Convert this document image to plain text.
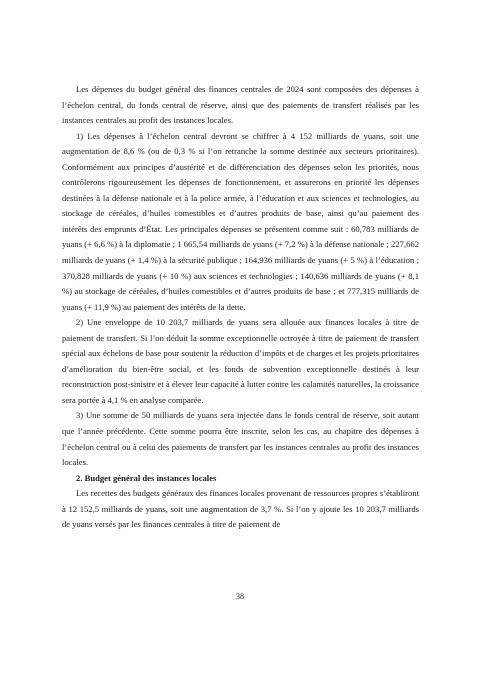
Les dépenses du budget général des finances centrales de 2024 sont composées des dépenses à l’échelon central, du fonds central de réserve, ainsi que des paiements de transfert réalisés par les instances centrales au profit des instances locales.

1) Les dépenses à l’échelon central devront se chiffrer à 4 152 milliards de yuans, soit une augmentation de 8,6 % (ou de 0,3 % si l’on retranche la somme destinée aux secteurs prioritaires). Conformément aux principes d’austérité et de différenciation des dépenses selon les priorités, nous contrôlerons rigoureusement les dépenses de fonctionnement, et assurerons en priorité les dépenses destinées à la défense nationale et à la police armée, à l’éducation et aux sciences et technologies, au stockage de céréales, d’huiles comestibles et d’autres produits de base, ainsi qu’au paiement des intérêts des emprunts d’État. Les principales dépenses se présentent comme suit : 60,783 milliards de yuans (+ 6,6 %) à la diplomatie ; 1 665,54 milliards de yuans (+ 7,2 %) à la défense nationale ; 227,662 milliards de yuans (+ 1,4 %) à la sécurité publique ; 164,936 milliards de yuans (+ 5 %) à l’éducation ; 370,828 milliards de yuans (+ 10 %) aux sciences et technologies ; 140,636 milliards de yuans (+ 8,1 %) au stockage de céréales, d’huiles comestibles et d’autres produits de base ; et 777,315 milliards de yuans (+ 11,9 %) au paiement des intérêts de la dette.

2) Une enveloppe de 10 203,7 milliards de yuans sera allouée aux finances locales à titre de paiement de transfert. Si l’on déduit la somme exceptionnelle octroyée à titre de paiement de transfert spécial aux échelons de base pour soutenir la réduction d’impôts et de charges et les projets prioritaires d’amélioration du bien-être social, et les fonds de subvention exceptionnelle destinés à leur reconstruction post-sinistre et à élever leur capacité à lutter contre les calamités naturelles, la croissance sera portée à 4,1 % en analyse comparée.

3) Une somme de 50 milliards de yuans sera injectée dans le fonds central de réserve, soit autant que l’année précédente. Cette somme pourra être inscrite, selon les cas, au chapitre des dépenses à l’échelon central ou à celui des paiements de transfert par les instances centrales au profit des instances locales.

2. Budget général des instances locales

Les recettes des budgets généraux des finances locales provenant de ressources propres s’établiront à 12 152,5 milliards de yuans, soit une augmentation de 3,7 %. Si l’on y ajoute les 10 203,7 milliards de yuans versés par les finances centrales à titre de paiement de

38
